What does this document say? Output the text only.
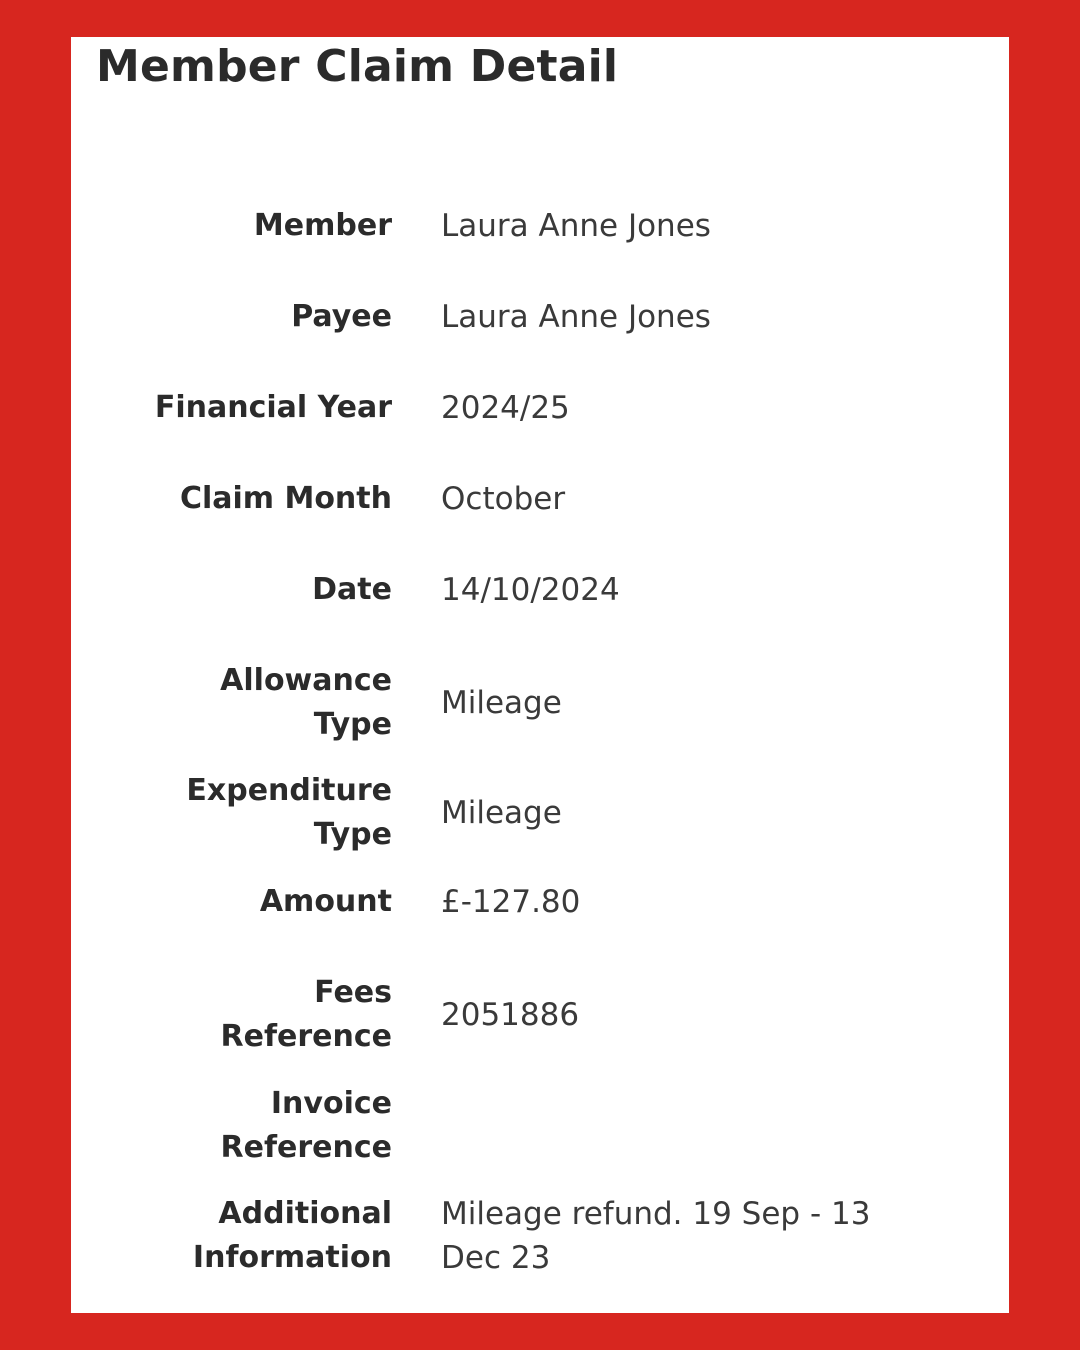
Member Claim Detail
Member Laura Anne Jones
Payee Laura Anne Jones
Financial Year 2024/25
Claim Month October
Date 14/10/2024
Allowance
Type
Mileage
Expenditure
Type
Mileage
Amount £-127.80
Fees
Reference
2051886
Invoice
Reference
Additional
Information
Mileage refund. 19 Sep - 13
Dec 23
